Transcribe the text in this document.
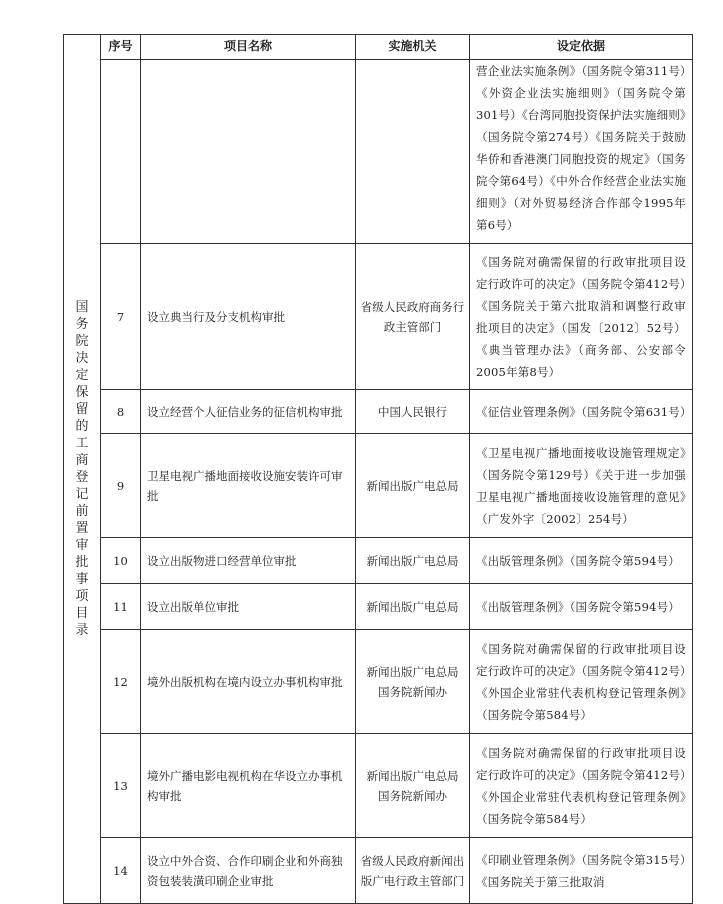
国务院决定保留的工商登记前置审批事项目录	序号	项目名称	实施机关	设定依据
				营企业法实施条例》（国务院令第311号）《外资企业法实施细则》（国务院令第301号）《台湾同胞投资保护法实施细则》（国务院令第274号）《国务院关于鼓励华侨和香港澳门同胞投资的规定》（国务院令第64号）《中外合作经营企业法实施细则》（对外贸易经济合作部令1995年第6号）
	7	设立典当行及分支机构审批	省级人民政府商务行政主管部门	《国务院对确需保留的行政审批项目设定行政许可的决定》（国务院令第412号）《国务院关于第六批取消和调整行政审批项目的决定》（国发〔2012〕52号）《典当管理办法》（商务部、公安部令2005年第8号）
	8	设立经营个人征信业务的征信机构审批	中国人民银行	《征信业管理条例》（国务院令第631号）
	9	卫星电视广播地面接收设施安装许可审批	新闻出版广电总局	《卫星电视广播地面接收设施管理规定》（国务院令第129号）《关于进一步加强卫星电视广播地面接收设施管理的意见》（广发外字〔2002〕254号）
	10	设立出版物进口经营单位审批	新闻出版广电总局	《出版管理条例》（国务院令第594号）
	11	设立出版单位审批	新闻出版广电总局	《出版管理条例》（国务院令第594号）
	12	境外出版机构在境内设立办事机构审批	新闻出版广电总局 国务院新闻办	《国务院对确需保留的行政审批项目设定行政许可的决定》（国务院令第412号）《外国企业常驻代表机构登记管理条例》（国务院令第584号）
	13	境外广播电影电视机构在华设立办事机构审批	新闻出版广电总局 国务院新闻办	《国务院对确需保留的行政审批项目设定行政许可的决定》（国务院令第412号）《外国企业常驻代表机构登记管理条例》（国务院令第584号）
	14	设立中外合资、合作印刷企业和外商独资包装装潢印刷企业审批	省级人民政府新闻出版广电行政主管部门	《印刷业管理条例》（国务院令第315号）《国务院关于第三批取消
